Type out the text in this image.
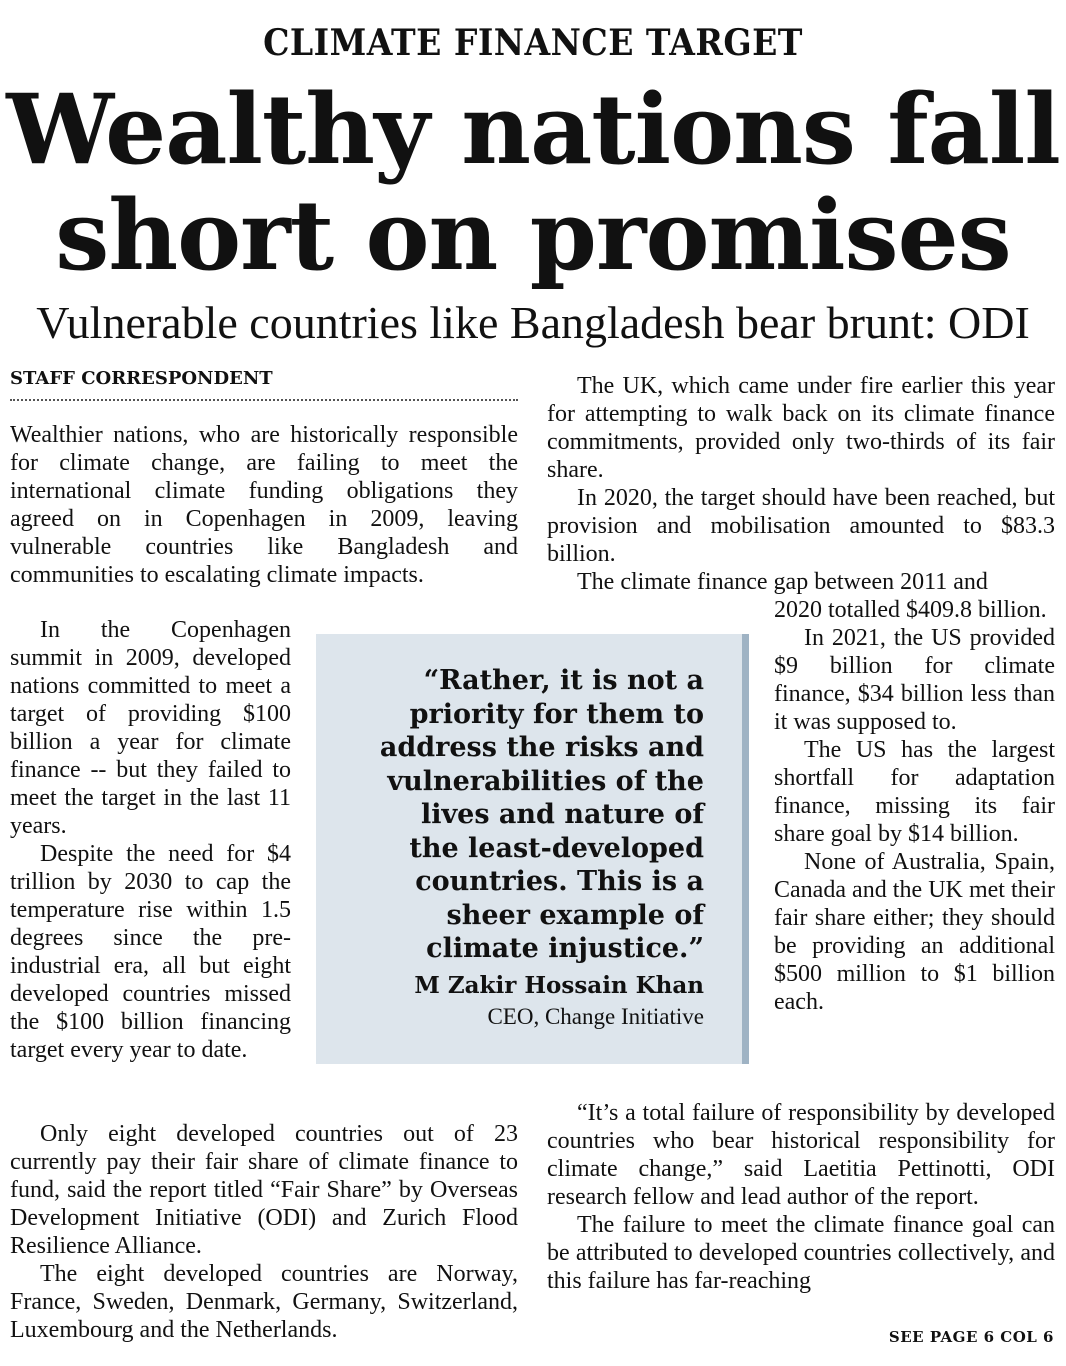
CLIMATE FINANCE TARGET
Wealthy nations fall
short on promises
Vulnerable countries like Bangladesh bear brunt: ODI
STAFF CORRESPONDENT

Wealthier nations, who are historically responsible for climate change, are failing to meet the international climate funding obligations they agreed on in Copenhagen in 2009, leaving vulnerable countries like Bangladesh and communities to escalating climate impacts.

In the Copenhagen summit in 2009, developed nations committed to meet a target of providing $100 billion a year for climate finance -- but they failed to meet the target in the last 11 years.

Despite the need for $4 trillion by 2030 to cap the temperature rise within 1.5 degrees since the pre-industrial era, all but eight developed countries missed the $100 billion financing target every year to date.

Only eight developed countries out of 23 currently pay their fair share of climate finance to fund, said the report titled “Fair Share” by Overseas Development Initiative (ODI) and Zurich Flood Resilience Alliance.

The eight developed countries are Norway, France, Sweden, Denmark, Germany, Switzerland, Luxembourg and the Netherlands.

“Rather, it is not a priority for them to address the risks and vulnerabilities of the lives and nature of the least-developed countries. This is a sheer example of climate injustice.”
M Zakir Hossain Khan
CEO, Change Initiative

The UK, which came under fire earlier this year for attempting to walk back on its climate finance commitments, provided only two-thirds of its fair share.

In 2020, the target should have been reached, but provision and mobilisation amounted to $83.3 billion.

The climate finance gap between 2011 and

2020 totalled $409.8 billion.

In 2021, the US provided $9 billion for climate finance, $34 billion less than it was supposed to.

The US has the largest shortfall for adaptation finance, missing its fair share goal by $14 billion.

None of Australia, Spain, Canada and the UK met their fair share either; they should be providing an additional $500 million to $1 billion each.

“It’s a total failure of responsibility by developed countries who bear historical responsibility for climate change,” said Laetitia Pettinotti, ODI research fellow and lead author of the report.

The failure to meet the climate finance goal can be attributed to developed countries collectively, and this failure has far-reaching

SEE PAGE 6 COL 6
